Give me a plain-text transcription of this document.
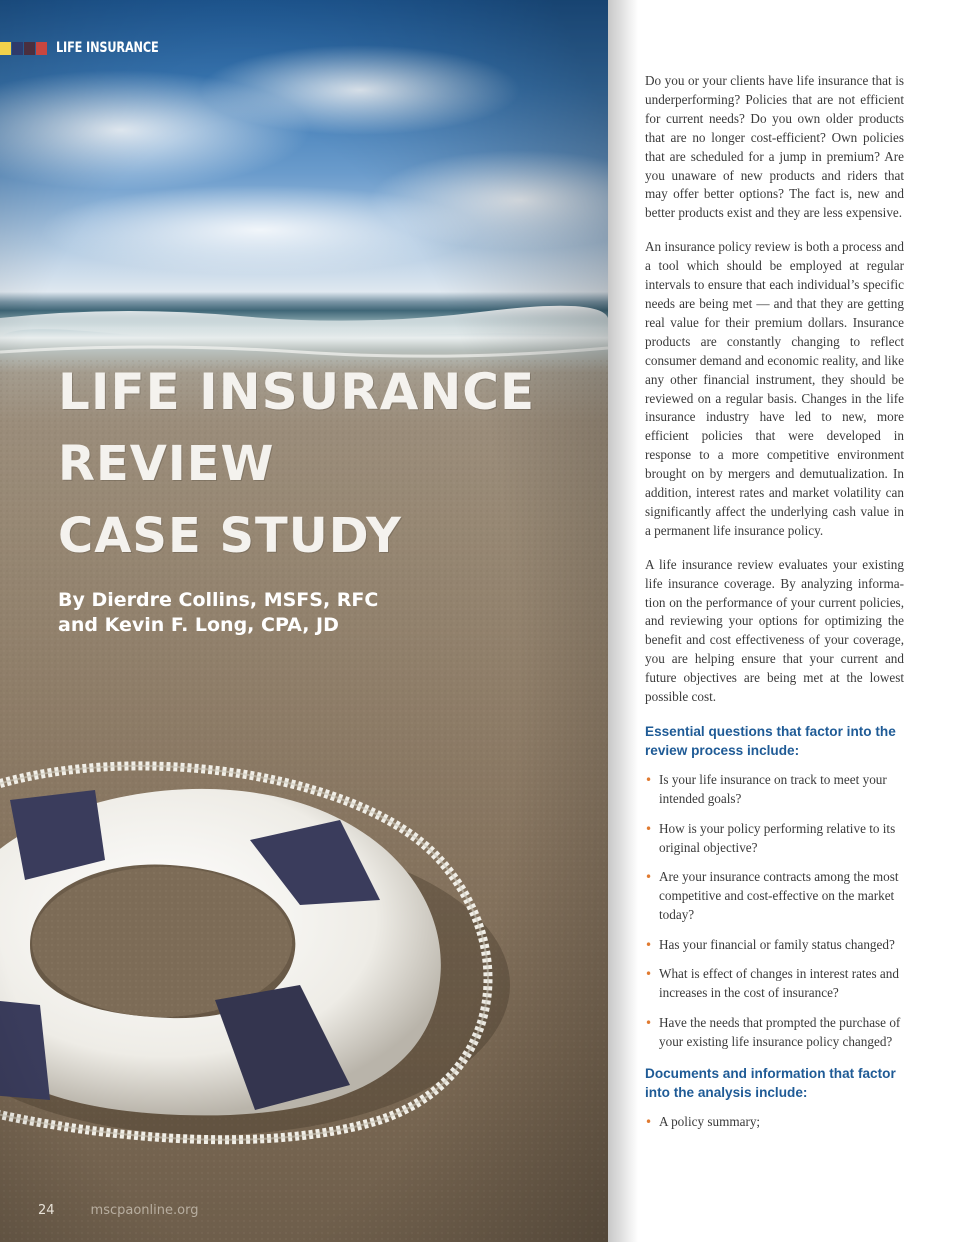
LIFE INSURANCE
LIFE INSURANCE
REVIEW
CASE STUDY
By Dierdre Collins, MSFS, RFC
and Kevin F. Long, CPA, JD
24	mscpaonline.org

Do you or your clients have life insurance that is underperforming? Policies that are not efficient for current needs? Do you own older products that are no longer cost-efficient? Own policies that are scheduled for a jump in premium? Are you unaware of new products and riders that may offer better options? The fact is, new and better products exist and they are less expensive.

An insurance policy review is both a process and a tool which should be employed at regular intervals to ensure that each individual’s specific needs are being met — and that they are getting real value for their premium dollars. Insurance products are constantly changing to reflect consumer demand and economic reality, and like any other financial instrument, they should be reviewed on a regular basis. Changes in the life insurance industry have led to new, more efficient policies that were developed in response to a more competitive environment brought on by mergers and demutualization. In addition, interest rates and market volatility can significantly affect the underlying cash value in a permanent life insurance policy.

A life insurance review evaluates your existing life insurance coverage. By analyzing informa-tion on the performance of your current policies, and reviewing your options for optimizing the benefit and cost effectiveness of your coverage, you are helping ensure that your current and future objectives are being met at the lowest possible cost.

Essential questions that factor into the review process include:
• Is your life insurance on track to meet your intended goals?
• How is your policy performing relative to its original objective?
• Are your insurance contracts among the most competitive and cost-effective on the market today?
• Has your financial or family status changed?
• What is effect of changes in interest rates and increases in the cost of insurance?
• Have the needs that prompted the purchase of your existing life insurance policy changed?
Documents and information that factor into the analysis include:
• A policy summary;
